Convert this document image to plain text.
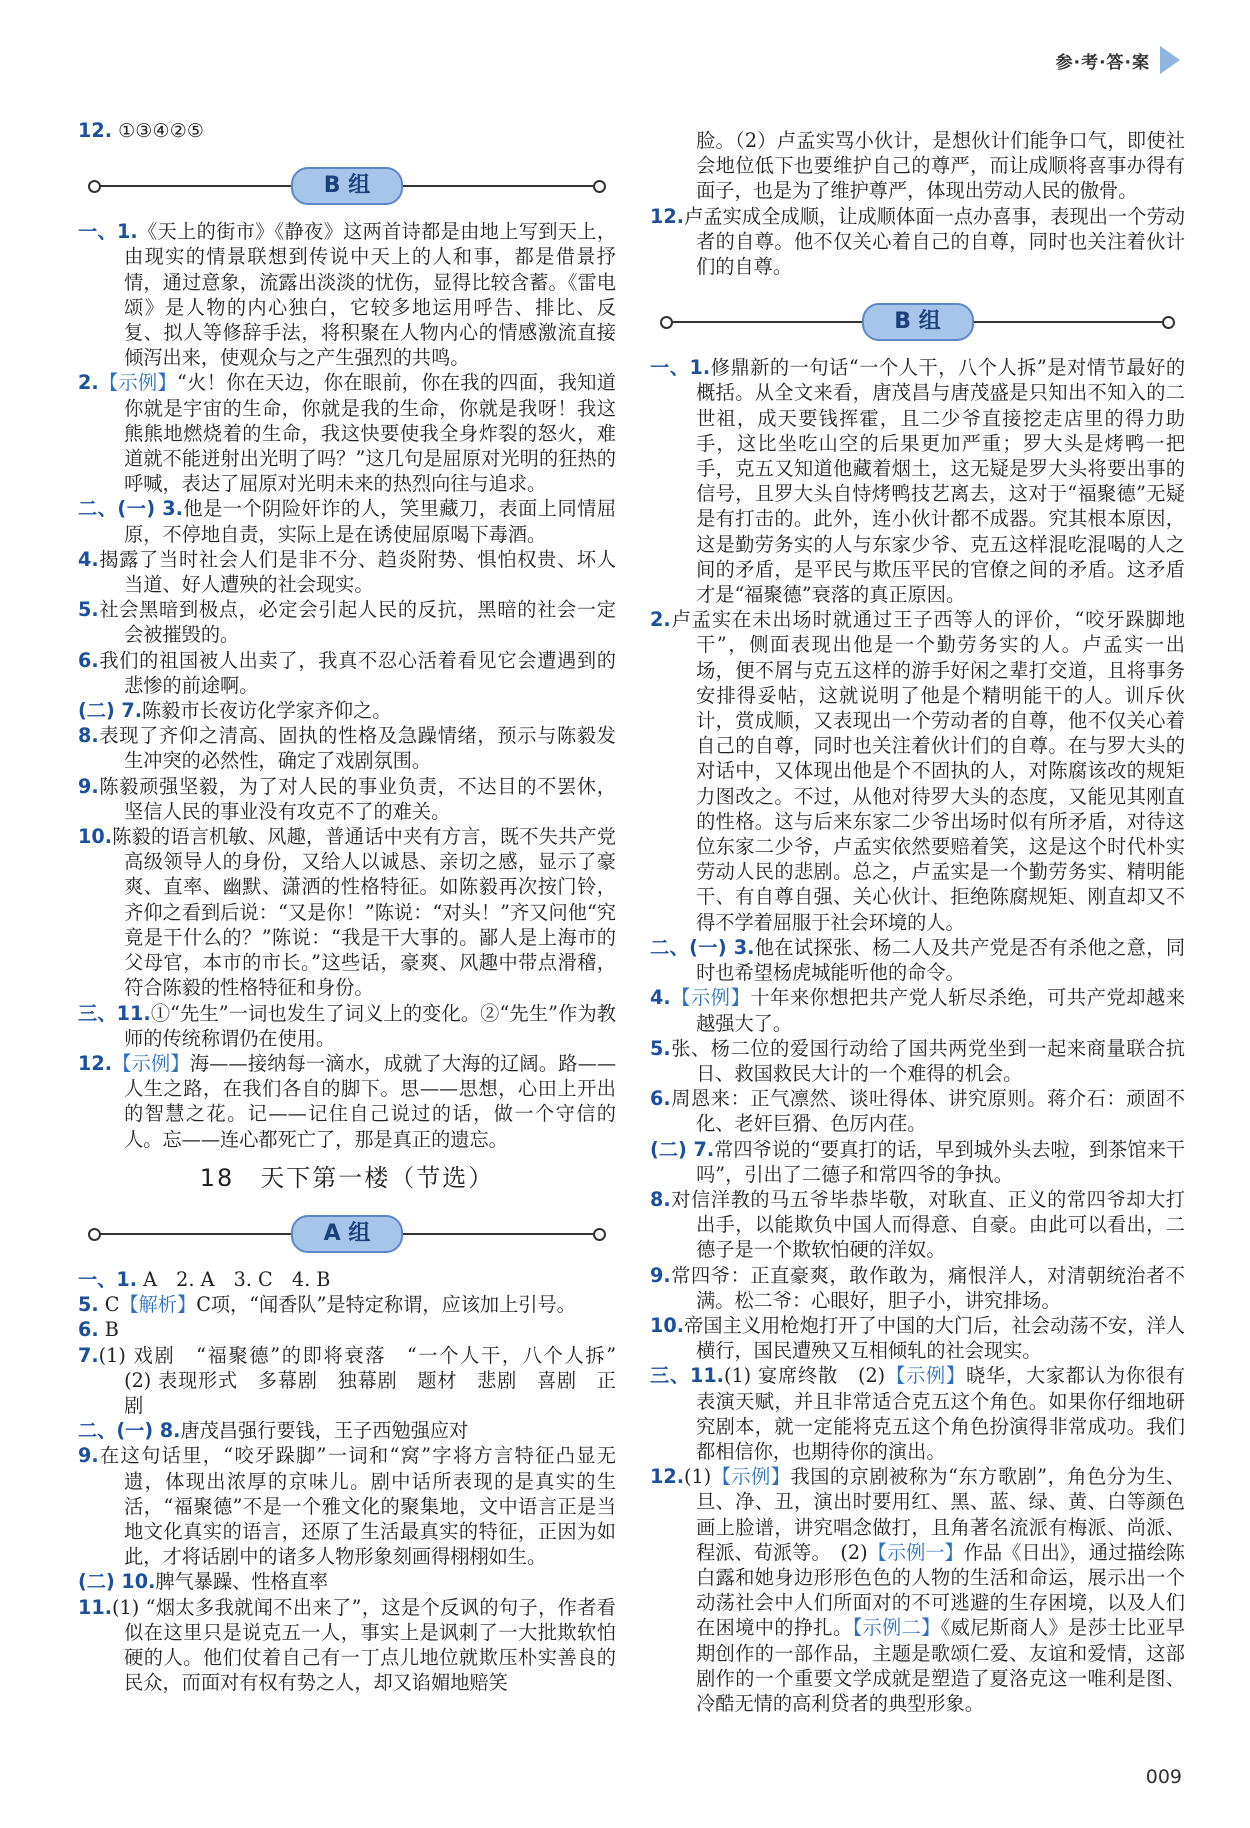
参·考·答·案

12. ①③④②⑤

B 组

一、1.《天上的街市》《静夜》这两首诗都是由地上写到天上，由现实的情景联想到传说中天上的人和事，都是借景抒情，通过意象，流露出淡淡的忧伤，显得比较含蓄。《雷电颂》是人物的内心独白，它较多地运用呼告、排比、反复、拟人等修辞手法，将积聚在人物内心的情感激流直接倾泻出来，使观众与之产生强烈的共鸣。

2.【示例】“火！你在天边，你在眼前，你在我的四面，我知道你就是宇宙的生命，你就是我的生命，你就是我呀！我这熊熊地燃烧着的生命，我这快要使我全身炸裂的怒火，难道就不能迸射出光明了吗？”这几句是屈原对光明的狂热的呼喊，表达了屈原对光明未来的热烈向往与追求。

二、(一) 3.他是一个阴险奸诈的人，笑里藏刀，表面上同情屈原，不停地自责，实际上是在诱使屈原喝下毒酒。

4.揭露了当时社会人们是非不分、趋炎附势、惧怕权贵、坏人当道、好人遭殃的社会现实。

5.社会黑暗到极点，必定会引起人民的反抗，黑暗的社会一定会被摧毁的。

6.我们的祖国被人出卖了，我真不忍心活着看见它会遭遇到的悲惨的前途啊。

(二) 7.陈毅市长夜访化学家齐仰之。

8.表现了齐仰之清高、固执的性格及急躁情绪，预示与陈毅发生冲突的必然性，确定了戏剧氛围。

9.陈毅顽强坚毅，为了对人民的事业负责，不达目的不罢休，坚信人民的事业没有攻克不了的难关。

10.陈毅的语言机敏、风趣，普通话中夹有方言，既不失共产党高级领导人的身份，又给人以诚恳、亲切之感，显示了豪爽、直率、幽默、潇洒的性格特征。如陈毅再次按门铃，齐仰之看到后说：“又是你！”陈说：“对头！”齐又问他“究竟是干什么的？”陈说：“我是干大事的。鄙人是上海市的父母官，本市的市长。”这些话，豪爽、风趣中带点滑稽，符合陈毅的性格特征和身份。

三、11.①“先生”一词也发生了词义上的变化。②“先生”作为教师的传统称谓仍在使用。

12.【示例】海——接纳每一滴水，成就了大海的辽阔。路——人生之路，在我们各自的脚下。思——思想，心田上开出的智慧之花。记——记住自己说过的话，做一个守信的人。忘——连心都死亡了，那是真正的遗忘。

18　天下第一楼（节选）
A 组

一、1. A　2. A　3. C　4. B

5. C【解析】C项，“闻香队”是特定称谓，应该加上引号。

6. B

7.(1) 戏剧　“福聚德”的即将衰落　“一个人干，八个人拆”　(2) 表现形式　多幕剧　独幕剧　题材　悲剧　喜剧　正剧

二、(一) 8.唐茂昌强行要钱，王子西勉强应对

9.在这句话里，“咬牙跺脚”一词和“窝”字将方言特征凸显无遗，体现出浓厚的京味儿。剧中话所表现的是真实的生活，“福聚德”不是一个雅文化的聚集地，文中语言正是当地文化真实的语言，还原了生活最真实的特征，正因为如此，才将话剧中的诸多人物形象刻画得栩栩如生。

(二) 10.脾气暴躁、性格直率

11.(1) “烟太多我就闻不出来了”，这是个反讽的句子，作者看似在这里只是说克五一人，事实上是讽刺了一大批欺软怕硬的人。他们仗着自己有一丁点儿地位就欺压朴实善良的民众，而面对有权有势之人，却又谄媚地赔笑

脸。（2）卢孟实骂小伙计，是想伙计们能争口气，即使社会地位低下也要维护自己的尊严，而让成顺将喜事办得有面子，也是为了维护尊严，体现出劳动人民的傲骨。

12.卢孟实成全成顺，让成顺体面一点办喜事，表现出一个劳动者的自尊。他不仅关心着自己的自尊，同时也关注着伙计们的自尊。

B 组

一、1.修鼎新的一句话“一个人干，八个人拆”是对情节最好的概括。从全文来看，唐茂昌与唐茂盛是只知出不知入的二世祖，成天要钱挥霍，且二少爷直接挖走店里的得力助手，这比坐吃山空的后果更加严重；罗大头是烤鸭一把手，克五又知道他藏着烟土，这无疑是罗大头将要出事的信号，且罗大头自恃烤鸭技艺离去，这对于“福聚德”无疑是有打击的。此外，连小伙计都不成器。究其根本原因，这是勤劳务实的人与东家少爷、克五这样混吃混喝的人之间的矛盾，是平民与欺压平民的官僚之间的矛盾。这矛盾才是“福聚德”衰落的真正原因。

2.卢孟实在未出场时就通过王子西等人的评价，“咬牙跺脚地干”，侧面表现出他是一个勤劳务实的人。卢孟实一出场，便不屑与克五这样的游手好闲之辈打交道，且将事务安排得妥帖，这就说明了他是个精明能干的人。训斥伙计，赏成顺，又表现出一个劳动者的自尊，他不仅关心着自己的自尊，同时也关注着伙计们的自尊。在与罗大头的对话中，又体现出他是个不固执的人，对陈腐该改的规矩力图改之。不过，从他对待罗大头的态度，又能见其刚直的性格。这与后来东家二少爷出场时似有所矛盾，对待这位东家二少爷，卢孟实依然要赔着笑，这是这个时代朴实劳动人民的悲剧。总之，卢孟实是一个勤劳务实、精明能干、有自尊自强、关心伙计、拒绝陈腐规矩、刚直却又不得不学着屈服于社会环境的人。

二、(一) 3.他在试探张、杨二人及共产党是否有杀他之意，同时也希望杨虎城能听他的命令。

4.【示例】十年来你想把共产党人斩尽杀绝，可共产党却越来越强大了。

5.张、杨二位的爱国行动给了国共两党坐到一起来商量联合抗日、救国救民大计的一个难得的机会。

6.周恩来：正气凛然、谈吐得体、讲究原则。蒋介石：顽固不化、老奸巨猾、色厉内荏。

(二) 7.常四爷说的“要真打的话，早到城外头去啦，到茶馆来干吗”，引出了二德子和常四爷的争执。

8.对信洋教的马五爷毕恭毕敬，对耿直、正义的常四爷却大打出手，以能欺负中国人而得意、自豪。由此可以看出，二德子是一个欺软怕硬的洋奴。

9.常四爷：正直豪爽，敢作敢为，痛恨洋人，对清朝统治者不满。松二爷：心眼好，胆子小，讲究排场。

10.帝国主义用枪炮打开了中国的大门后，社会动荡不安，洋人横行，国民遭殃又互相倾轧的社会现实。

三、11.(1) 宴席终散　(2)【示例】晓华，大家都认为你很有表演天赋，并且非常适合克五这个角色。如果你仔细地研究剧本，就一定能将克五这个角色扮演得非常成功。我们都相信你，也期待你的演出。

12.(1)【示例】我国的京剧被称为“东方歌剧”，角色分为生、旦、净、丑，演出时要用红、黑、蓝、绿、黄、白等颜色画上脸谱，讲究唱念做打，且角著名流派有梅派、尚派、程派、荀派等。　(2)【示例一】作品《日出》，通过描绘陈白露和她身边形形色色的人物的生活和命运，展示出一个动荡社会中人们所面对的不可逃避的生存困境，以及人们在困境中的挣扎。【示例二】《威尼斯商人》是莎士比亚早期创作的一部作品，主题是歌颂仁爱、友谊和爱情，这部剧作的一个重要文学成就是塑造了夏洛克这一唯利是图、冷酷无情的高利贷者的典型形象。

009
